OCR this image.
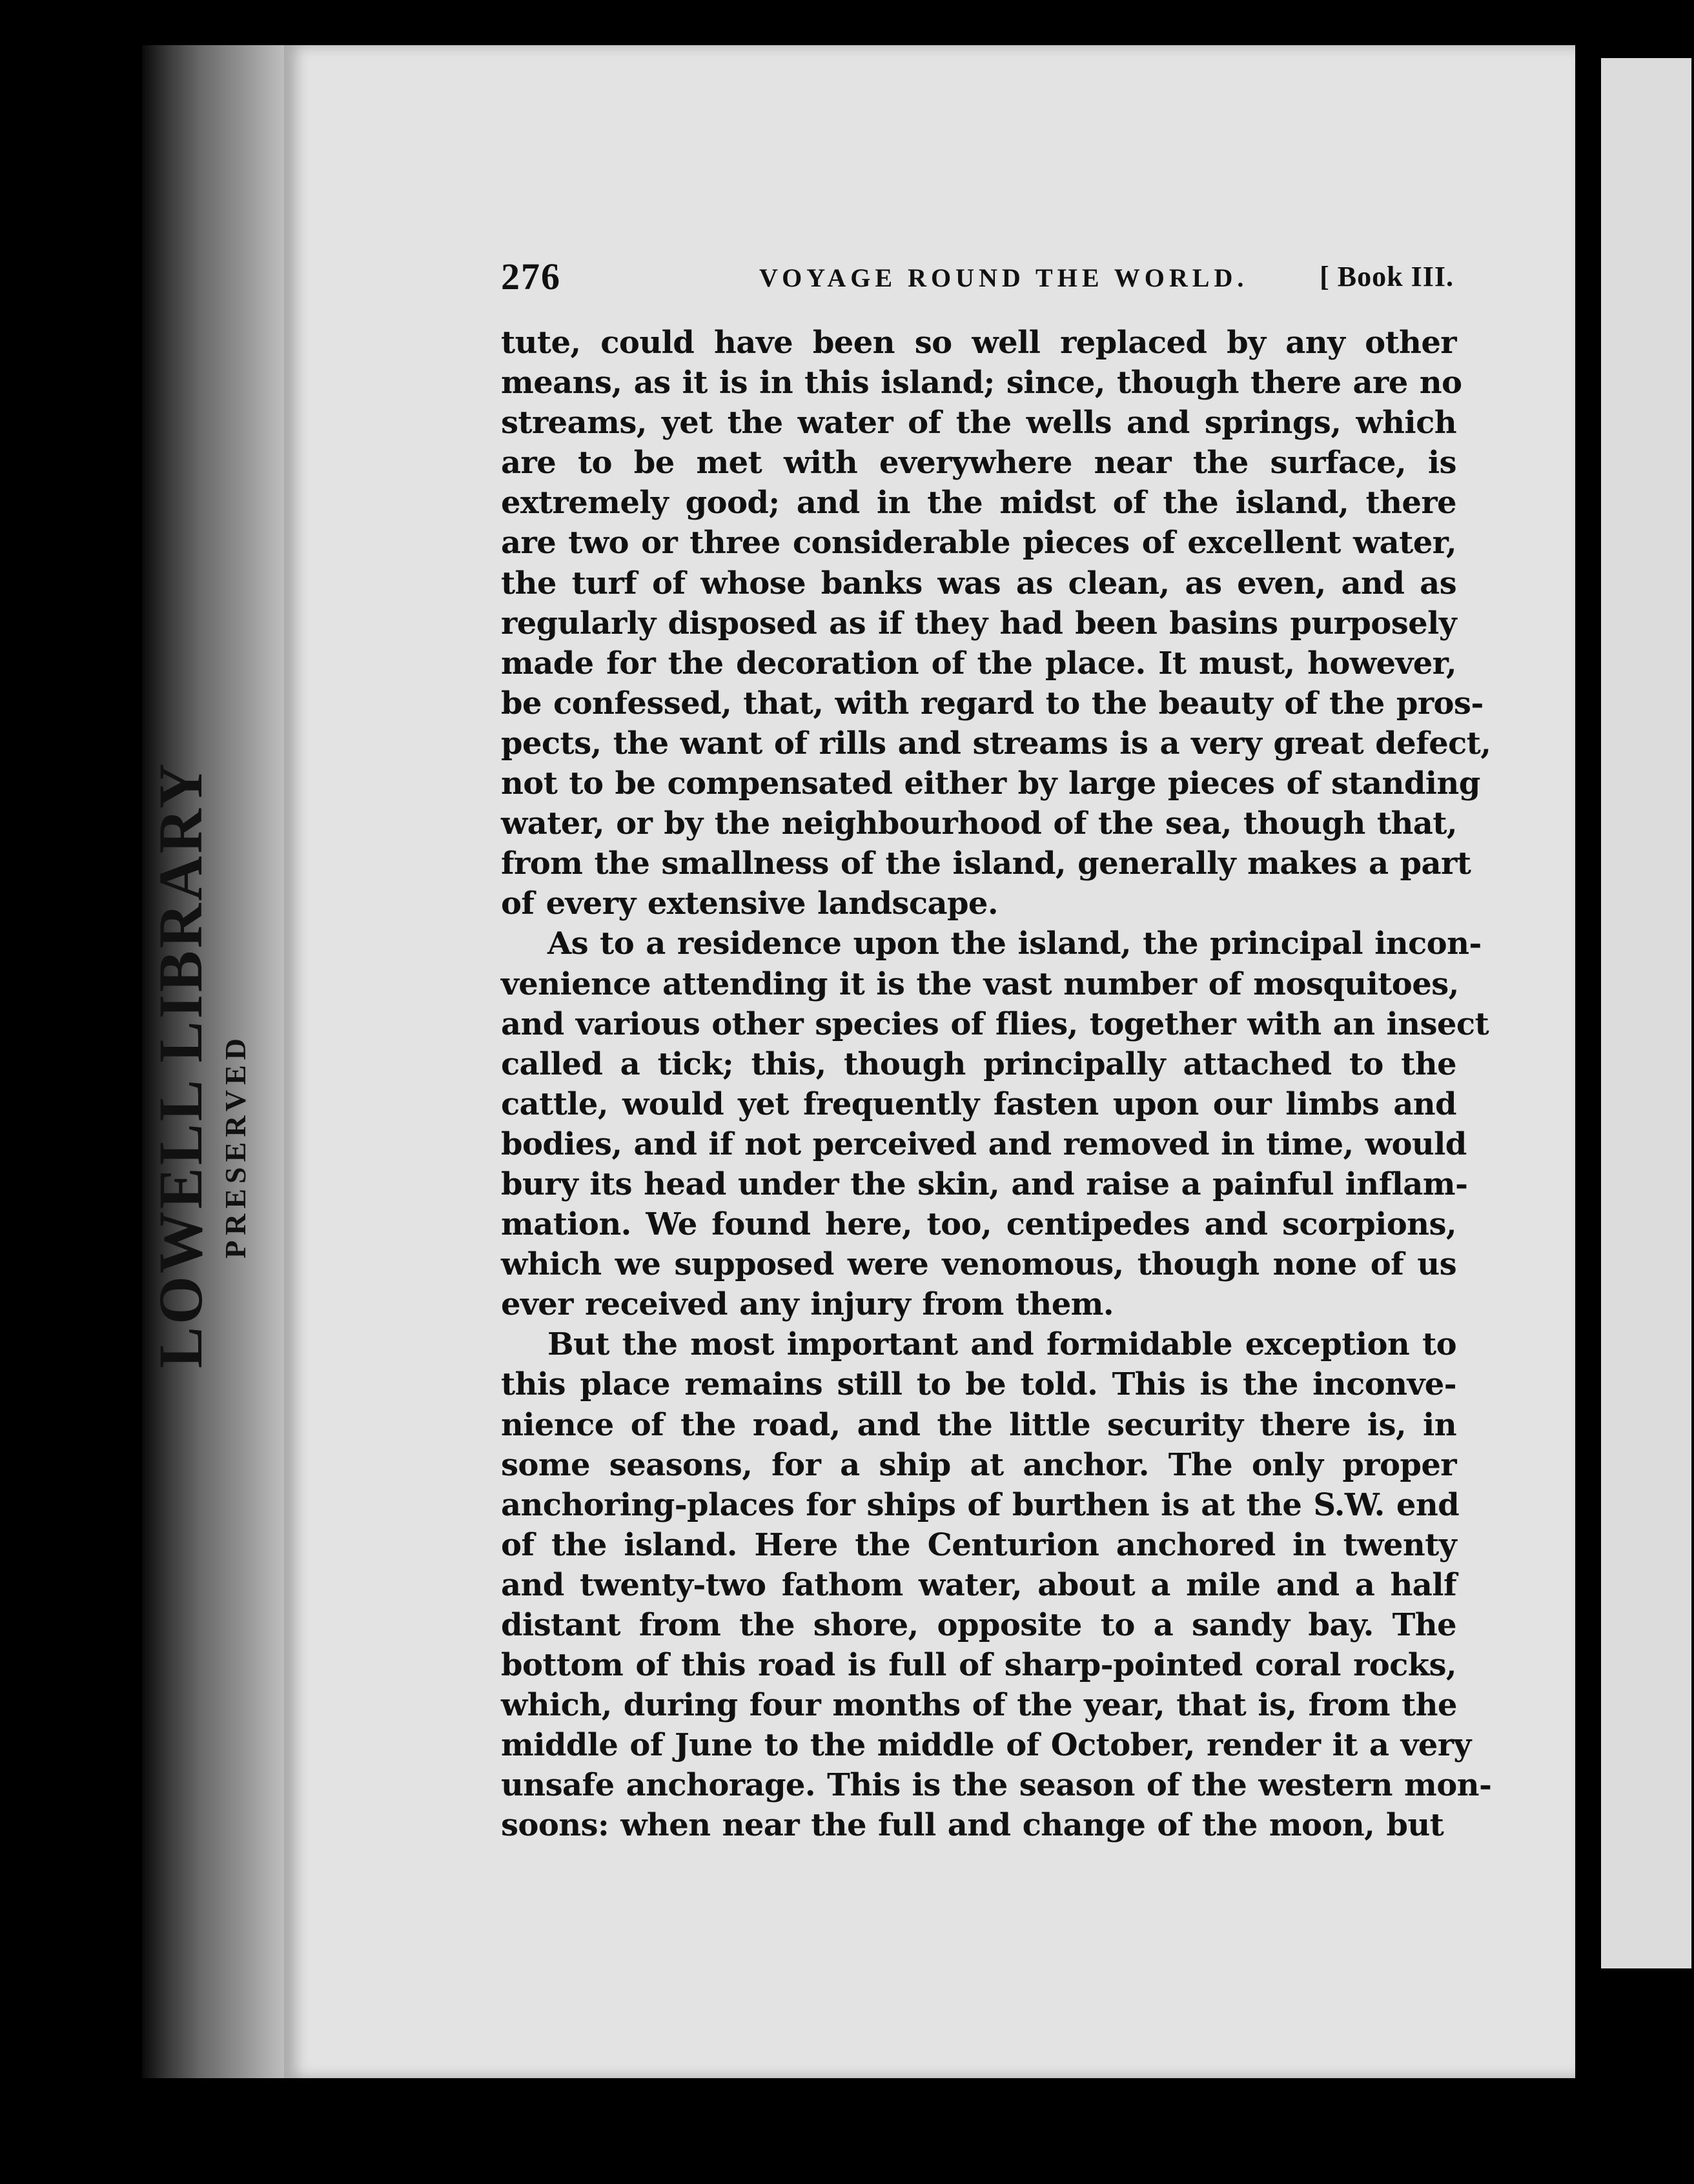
LOWELL LIBRARY PRESERVED
276	VOYAGE ROUND THE WORLD.	[ Book III.
tute, could have been so well replaced by any other
means, as it is in this island; since, though there are no
streams, yet the water of the wells and springs, which
are to be met with everywhere near the surface, is
extremely good; and in the midst of the island, there
are two or three considerable pieces of excellent water,
the turf of whose banks was as clean, as even, and as
regularly disposed as if they had been basins purposely
made for the decoration of the place. It must, however,
be confessed, that, with regard to the beauty of the pros-
pects, the want of rills and streams is a very great defect,
not to be compensated either by large pieces of standing
water, or by the neighbourhood of the sea, though that,
from the smallness of the island, generally makes a part
of every extensive landscape.
As to a residence upon the island, the principal incon-
venience attending it is the vast number of mosquitoes,
and various other species of flies, together with an insect
called a tick; this, though principally attached to the
cattle, would yet frequently fasten upon our limbs and
bodies, and if not perceived and removed in time, would
bury its head under the skin, and raise a painful inflam-
mation. We found here, too, centipedes and scorpions,
which we supposed were venomous, though none of us
ever received any injury from them.
But the most important and formidable exception to
this place remains still to be told. This is the inconve-
nience of the road, and the little security there is, in
some seasons, for a ship at anchor. The only proper
anchoring-places for ships of burthen is at the S.W. end
of the island. Here the Centurion anchored in twenty
and twenty-two fathom water, about a mile and a half
distant from the shore, opposite to a sandy bay. The
bottom of this road is full of sharp-pointed coral rocks,
which, during four months of the year, that is, from the
middle of June to the middle of October, render it a very
unsafe anchorage. This is the season of the western mon-
soons: when near the full and change of the moon, but
